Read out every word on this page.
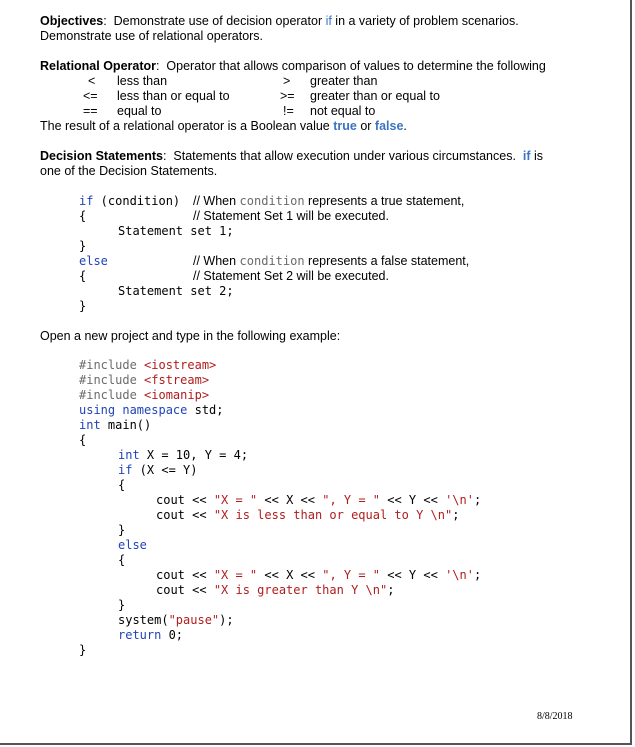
Objectives:  Demonstrate use of decision operator if in a variety of problem scenarios.
Demonstrate use of relational operators.
Relational Operator:  Operator that allows comparison of values to determine the following
< less than	> greater than
<= less than or equal to	>= greater than or equal to
== equal to	!= not equal to
The result of a relational operator is a Boolean value true or false.
Decision Statements:  Statements that allow execution under various circumstances.  if is
one of the Decision Statements.
if (condition) // When condition represents a true statement,
{	// Statement Set 1 will be executed.
Statement set 1;
}
else	// When condition represents a false statement,
{	// Statement Set 2 will be executed.
Statement set 2;
}
Open a new project and type in the following example:
#include <iostream>
#include <fstream>
#include <iomanip>
using namespace std;
int main()
{
int X = 10, Y = 4;
if (X <= Y)
{
cout << "X = " << X << ", Y = " << Y << '\n';
cout << "X is less than or equal to Y \n";
}
else
{
cout << "X = " << X << ", Y = " << Y << '\n';
cout << "X is greater than Y \n";
}
system("pause");
return 0;
}
8/8/2018
